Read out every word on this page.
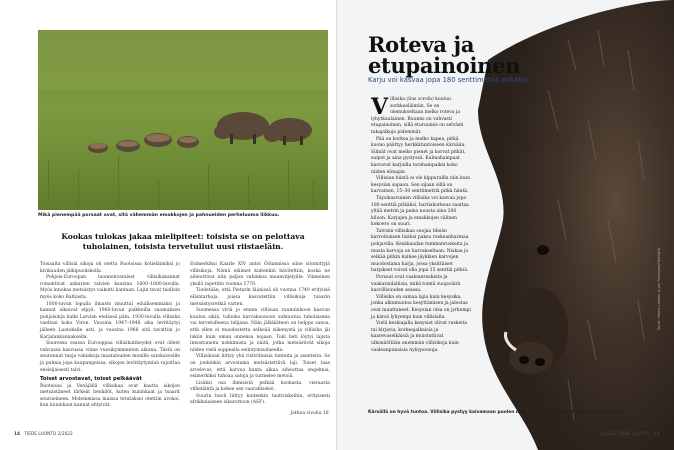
Mikä pienempää porsaat ovat, sitä vähemmän emakkojen ja pahnueiden perheluoma liikkuu.
Kookas tulokas jakaa mielipiteet: toisista se on pelottava tuholainen, toisista tervetullut uusi riistaeläin.

Toisaalta villisiä sikoja oli otettu Ruotsissa kotieläimiksi jo kivikauden jälkipuoliskolla.

Pohjois-Euroopan luonnonvaraiset villisikakannat romahtivat ankarien talvien kausina 1600–1800-luvulla. Myös innokas metsästys vaikutti kantaan. Lajin tavat tuolloin myös koko Baltiasta.

1800-luvun lopulla ilmasto muuttui edullisemmaksi ja kannat alkoivat elpyä. 1960-luvun paikkeilla suomuksen pohjoisinja kulki Latvian etelässä päin. 1930-luvulla villisika vaeltasi koko Viron. Vuosina 1947–1948 sika levittäytyi jälleen Laatokalle asti, ja vuosina 1966 sitä tavattiin jo Karjalankannaksella.

Suuressa osassa Eurooppaa villisikatiheydet ovat olleet vahvassa kasvussa viime vuosikymmenten aikana. Tästä on seurannut tuoja vahinkoja maatalouden monille satokasveille ja pulmia jopa kaupungeissa, sikojen levittäytyminä rajoittaa ensisijaisesti talvi.

Toiset arvostavat, toiset pelkäävät

Ruotsissa ja Venäjällä villisikaa ovat kautta aikojen metsästäneet tärkeät henkilöt, kuten kuninkaat ja tsaarit seurueineen. Molemmissa maissa tetutaksei otettiin avokoi, kun kuninkaat kannat ehtyivät.

Esimerkiksi Kaarle XIV antoi Öölannissa siine sitomittyjä villisikoja. Nämä eläimet kuitenkin hävitettiin, koska ne aiheuttivat niin paljon vahinkoa maanviljelyille. Viimeinen yksilö tapettiin vuonna 1770.

Tiedetään, että Pietarin läänissä oli vuonna 1740 erityisiä eläintarhoja, joissa kasvatettiin villisikoja tsaarin metsästysretkiä varten.

Suomessa viriä jo ennen villisian ruumiinkoon kasvun kuuluu sikiä, tulloiko karvakuonoon suhtautua tuholaisena vai tervetulleena tulijana. Näin jälkikäteen on helppo sanoa, että ollen ei muodostettu selkeää siikenystä ja villisika jäi lakiin kuin oman onnensa nojaan. Toki heti löytyi lajista innostuneita nokkimista ja näitä, jotka metsästivät sikoja niiden vielä suppealla esiintymisalueella.

Villisikaan liittyy yhä ristiriitaisia tunteita ja asenteita. Se on jonkinkin arvostama metsästettävä laji. Toiset taas arvelevat, että karvoa kanta alkaa aiheuttaa ongelmia, esimerkiksi tuhoaa satoja ja turmelee metsiä.

Lisäksi osa ihmisistä pelkää kookasta, vieraasta villieläintä ja kokee sen vaaralliseksi.

Suurin huoli liittyy kuitenkin tautiriskeihin, erityisesti afrikkalaiseen sikarottoon (ASF).

Jatkuu sivulla 16.
14 TIEDE LUONTO 2/2022
Roteva ja etupainoinen
Karju voi kasvaa jopa 180 senttimetriä pitkäksi.

Villisika (Sus scrofa) kuuluu sorkkaeläimiin. Se on olemukseltaan melko roteva ja lyhytkaulainen. Ruumis on vahvasti etupainoinen, sillä eturuumis on selvästi takajalkoja pidemmät.

Pää on korkea ja melko kapea, pitkä kuono päättyy herkkätuntoiseen kärsään. Silmät ovat melko pienet ja korvat pitkät, suipot ja aina pystyssä. Kulmahampaat kasvavat karjuilla torahampaiksi koko niiden elinajan.

Villisian häntä ei ole kippurallla niin kuin kesysian sapaon. Sen sijaan sillä on karvainen, 15–30 senttimetriä pitkä häntä.

Täysikasvuinen villisika voi kasvaa jopa 180 senttiä pitkäksi, hartiakorkeus saattaa yltää metrin ja paino nousta aina 200 kiloon. Karjujen ja emakkojen välinen kokoero on suuri.

Talvisin villisikaa suojaa tiheän karvoituksen lisäksi paksu ruskeanharmaa pohjavilla. Kesäkaudan tummanruskeita ja musta karvoja on harvakseltaan. Niskaa ja selkää pitkin kulkee jäykkien karvojen muodostama harja, jossa yksittäiset harjakset voivat olla jopa 15 senttiä pitkiä.

Porsaat ovat vaaleanruskeita ja vaakaraidallisia, mikä toimii suojaväirä kasvillisuuden seassa.

Villisika on samaa lajia kuin kesysika, jonka alkumuotoa kesyttämisen ja jalostus ovat muuttaneet. Kesysian otsa on jyrkempi ja kärsä lyhyempi kuin villisialla.

Vielä keskiajalla kesysiat olivat ruskeita tai kirjavia, korkeajalkaisia ja kaarevaselkäisiä ja muistuttivat ulkonäöltään enemmän villisikoja kuin vaaleanpunaisia nykypossuja.

Kuvat: Martin Lindner ja Jari Pietarinen/Helsinkiä
Kärsällä on hyvä tuntoa. Villisika pystyy kaivamaan puolen metrin kuoppia päästäkseen käsiksi juuriin.
2/2022 TIEDE LUONTO 15
